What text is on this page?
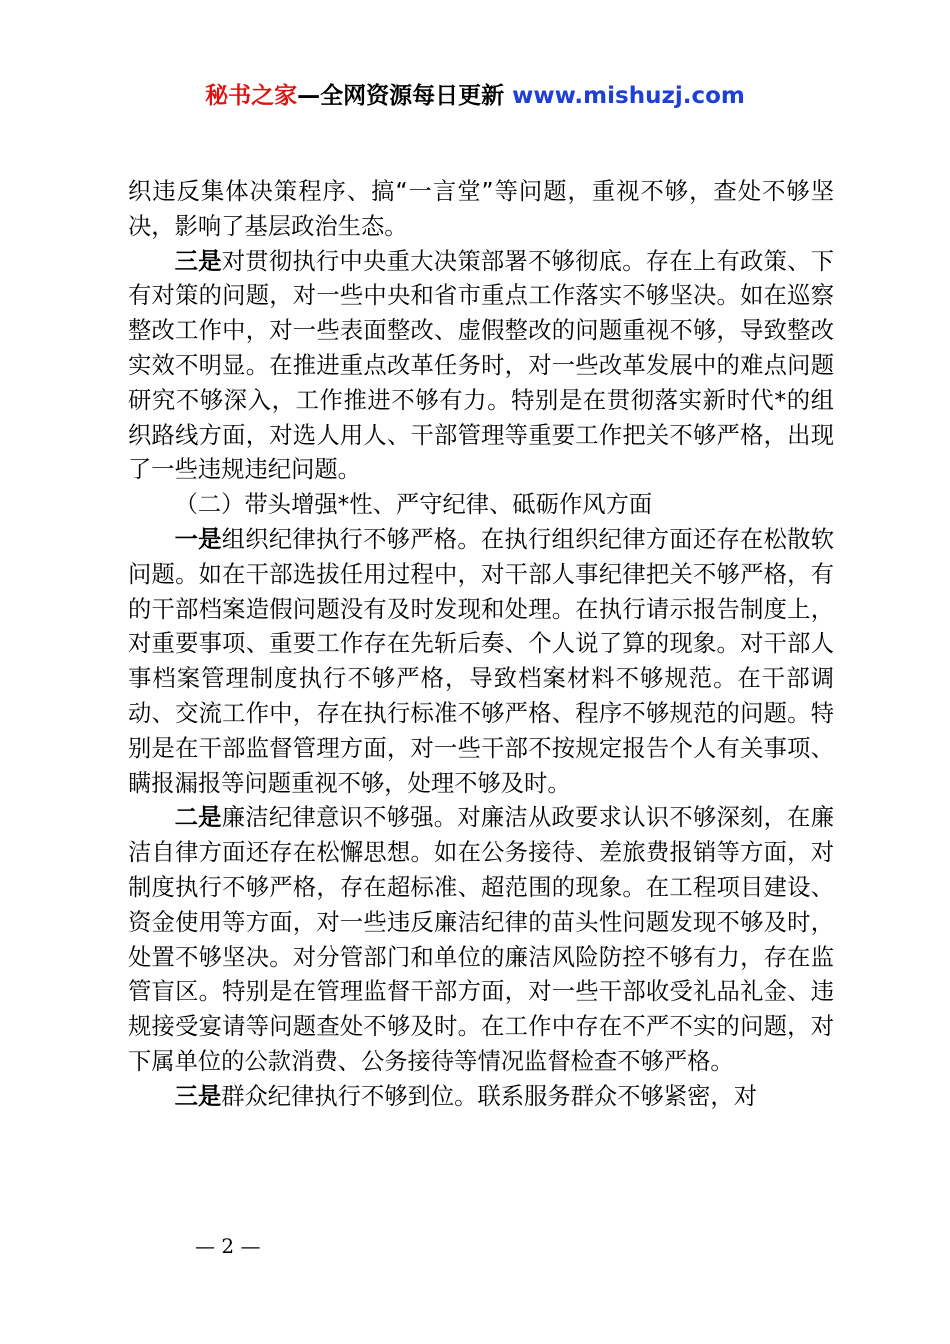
秘书之家—全网资源每日更新 www.mishuzj.com

织违反集体决策程序、搞“一言堂”等问题，重视不够，查处不够坚决，影响了基层政治生态。

三是对贯彻执行中央重大决策部署不够彻底。存在上有政策、下有对策的问题，对一些中央和省市重点工作落实不够坚决。如在巡察整改工作中，对一些表面整改、虚假整改的问题重视不够，导致整改实效不明显。在推进重点改革任务时，对一些改革发展中的难点问题研究不够深入，工作推进不够有力。特别是在贯彻落实新时代*的组织路线方面，对选人用人、干部管理等重要工作把关不够严格，出现了一些违规违纪问题。

（二）带头增强*性、严守纪律、砥砺作风方面

一是组织纪律执行不够严格。在执行组织纪律方面还存在松散软问题。如在干部选拔任用过程中，对干部人事纪律把关不够严格，有的干部档案造假问题没有及时发现和处理。在执行请示报告制度上，对重要事项、重要工作存在先斩后奏、个人说了算的现象。对干部人事档案管理制度执行不够严格，导致档案材料不够规范。在干部调动、交流工作中，存在执行标准不够严格、程序不够规范的问题。特别是在干部监督管理方面，对一些干部不按规定报告个人有关事项、瞒报漏报等问题重视不够，处理不够及时。

二是廉洁纪律意识不够强。对廉洁从政要求认识不够深刻，在廉洁自律方面还存在松懈思想。如在公务接待、差旅费报销等方面，对制度执行不够严格，存在超标准、超范围的现象。在工程项目建设、资金使用等方面，对一些违反廉洁纪律的苗头性问题发现不够及时，处置不够坚决。对分管部门和单位的廉洁风险防控不够有力，存在监管盲区。特别是在管理监督干部方面，对一些干部收受礼品礼金、违规接受宴请等问题查处不够及时。在工作中存在不严不实的问题，对下属单位的公款消费、公务接待等情况监督检查不够严格。

三是群众纪律执行不够到位。联系服务群众不够紧密，对

— 2 —
